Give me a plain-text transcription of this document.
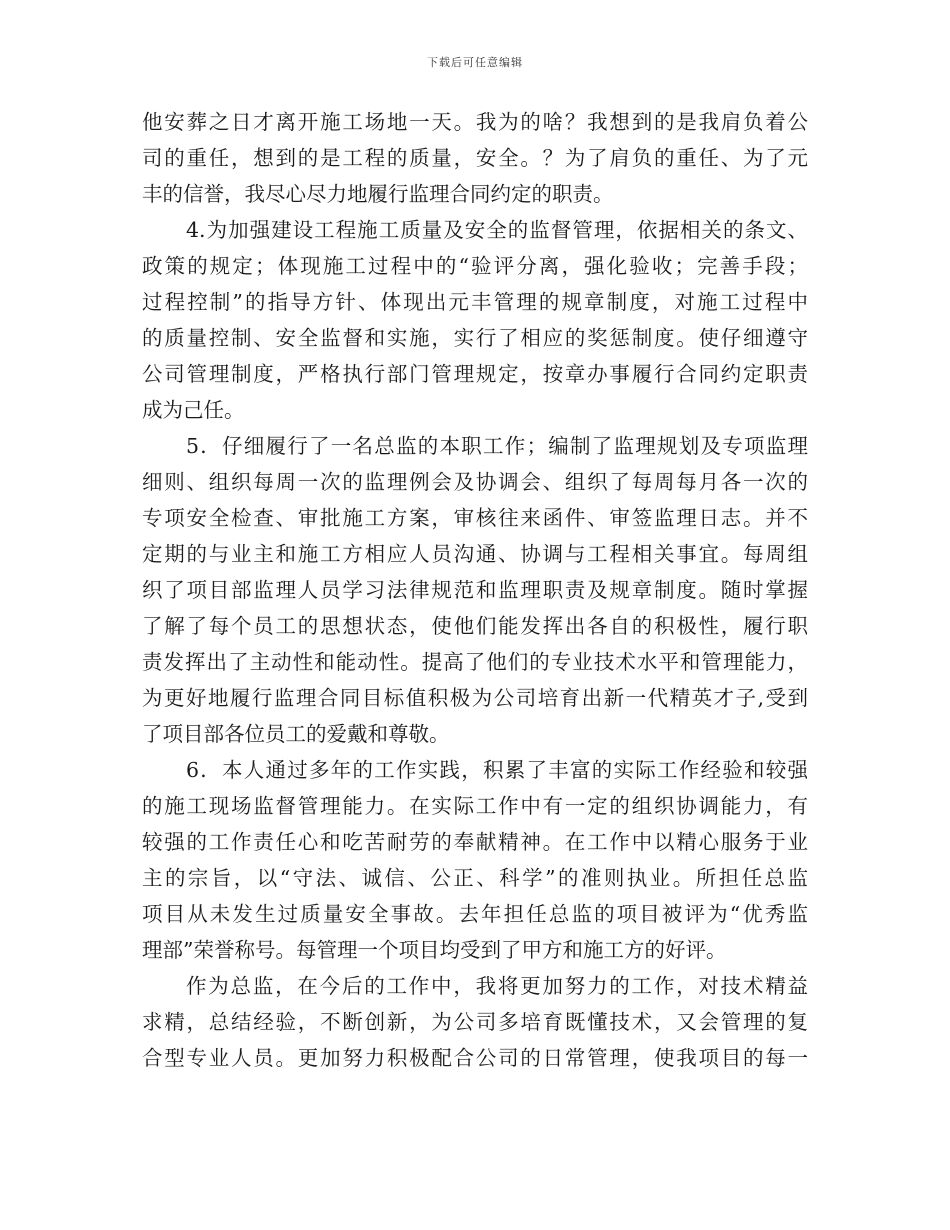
下载后可任意编辑
他安葬之日才离开施工场地一天。我为的啥？我想到的是我肩负着公
司的重任，想到的是工程的质量，安全。？为了肩负的重任、为了元
丰的信誉，我尽心尽力地履行监理合同约定的职责。
4.为加强建设工程施工质量及安全的监督管理，依据相关的条文、
政策的规定；体现施工过程中的“验评分离，强化验收；完善手段；
过程控制”的指导方针、体现出元丰管理的规章制度，对施工过程中
的质量控制、安全监督和实施，实行了相应的奖惩制度。使仔细遵守
公司管理制度，严格执行部门管理规定，按章办事履行合同约定职责
成为己任。
5．仔细履行了一名总监的本职工作；编制了监理规划及专项监理
细则、组织每周一次的监理例会及协调会、组织了每周每月各一次的
专项安全检查、审批施工方案，审核往来函件、审签监理日志。并不
定期的与业主和施工方相应人员沟通、协调与工程相关事宜。每周组
织了项目部监理人员学习法律规范和监理职责及规章制度。随时掌握
了解了每个员工的思想状态，使他们能发挥出各自的积极性，履行职
责发挥出了主动性和能动性。提高了他们的专业技术水平和管理能力，
为更好地履行监理合同目标值积极为公司培育出新一代精英才子,受到
了项目部各位员工的爱戴和尊敬。
6．本人通过多年的工作实践，积累了丰富的实际工作经验和较强
的施工现场监督管理能力。在实际工作中有一定的组织协调能力，有
较强的工作责任心和吃苦耐劳的奉献精神。在工作中以精心服务于业
主的宗旨，以“守法、诚信、公正、科学”的准则执业。所担任总监
项目从未发生过质量安全事故。去年担任总监的项目被评为“优秀监
理部”荣誉称号。每管理一个项目均受到了甲方和施工方的好评。
作为总监，在今后的工作中，我将更加努力的工作，对技术精益
求精，总结经验，不断创新，为公司多培育既懂技术，又会管理的复
合型专业人员。更加努力积极配合公司的日常管理，使我项目的每一
